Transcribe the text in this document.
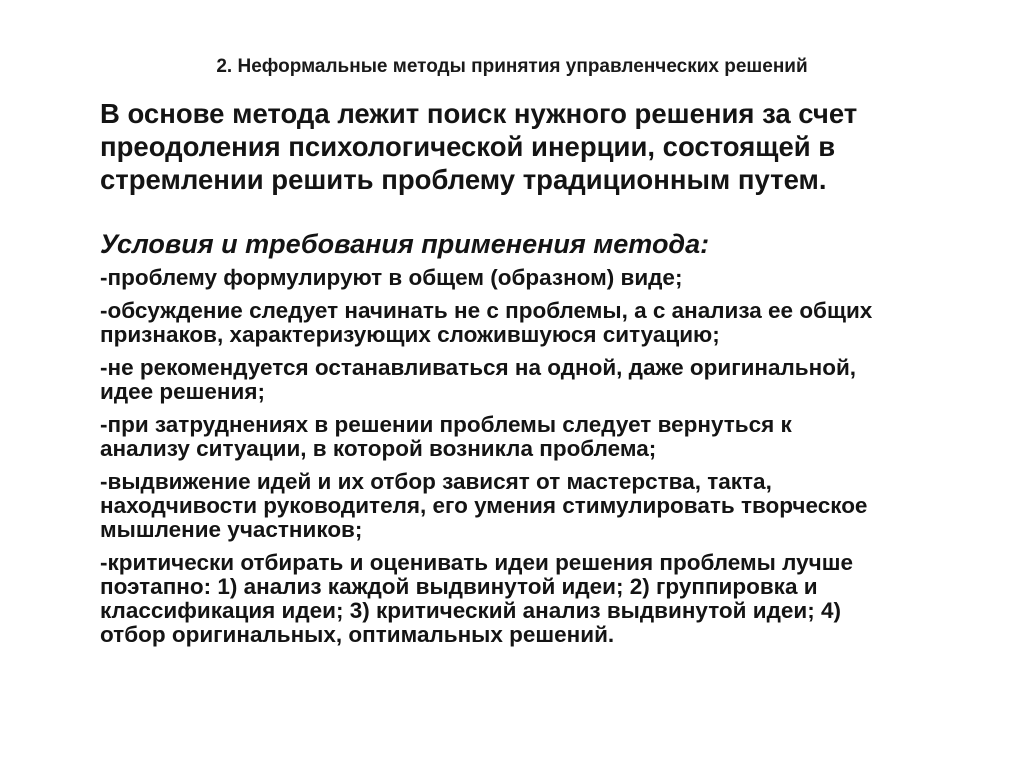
2. Неформальные методы принятия управленческих решений

В основе метода лежит поиск нужного решения за счет
преодоления психологической инерции, состоящей в
стремлении решить проблему традиционным путем.

Условия и требования применения метода:
-проблему формулируют в общем (образном) виде;
-обсуждение следует начинать не с проблемы, а с анализа ее общих
признаков, характеризующих сложившуюся ситуацию;
-не рекомендуется останавливаться на одной, даже оригинальной,
идее решения;
-при затруднениях в решении проблемы следует вернуться к
анализу ситуации, в которой возникла проблема;
-выдвижение идей и их отбор зависят от мастерства, такта,
находчивости руководителя, его умения стимулировать творческое
мышление участников;
-критически отбирать и оценивать идеи решения проблемы лучше
поэтапно: 1) анализ каждой выдвинутой идеи; 2) группировка и
классификация идеи; 3) критический анализ выдвинутой идеи; 4)
отбор оригинальных, оптимальных решений.
